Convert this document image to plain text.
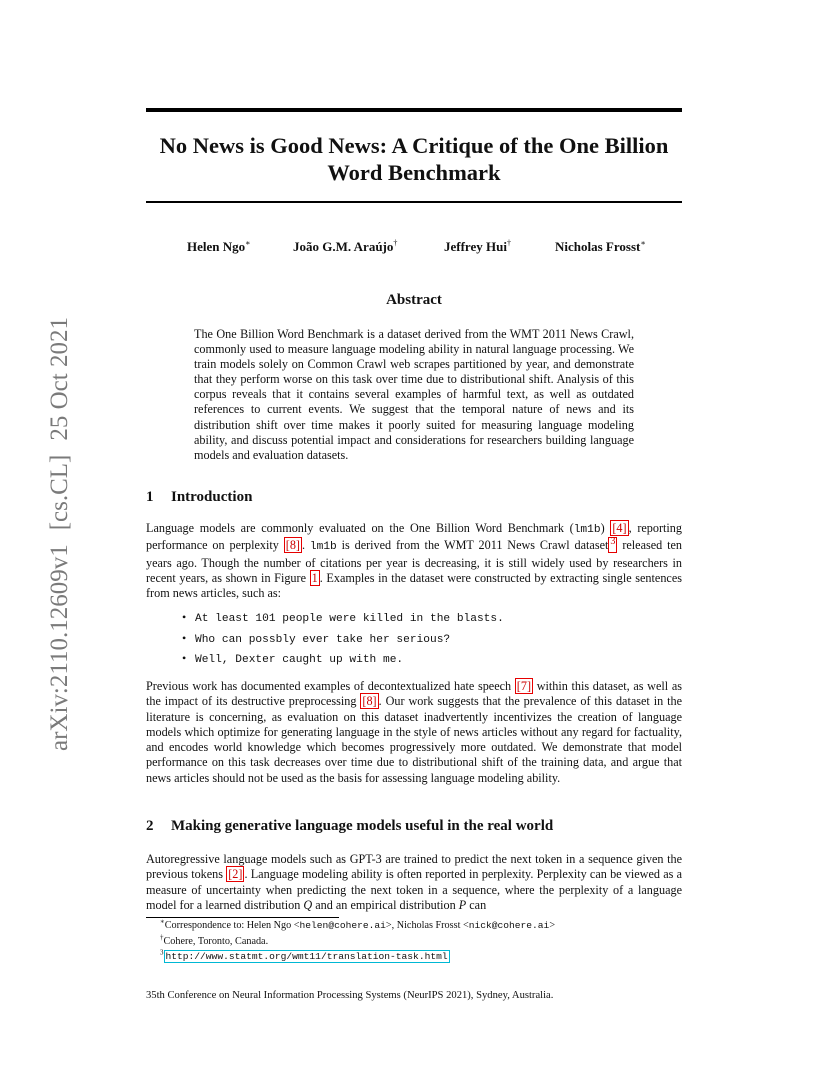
arXiv:2110.12609v1[cs.CL]25 Oct 2021
No News is Good News: A Critique of the One Billion
Word Benchmark
Helen Ngo∗	João G.M. Araújo†	Jeffrey Hui†	Nicholas Frosst∗
Abstract
The One Billion Word Benchmark is a dataset derived from the WMT 2011 News Crawl, commonly used to measure language modeling ability in natural language processing. We train models solely on Common Crawl web scrapes partitioned by year, and demonstrate that they perform worse on this task over time due to distributional shift. Analysis of this corpus reveals that it contains several examples of harmful text, as well as outdated references to current events. We suggest that the temporal nature of news and its distribution shift over time makes it poorly suited for measuring language modeling ability, and discuss potential impact and considerations for researchers building language models and evaluation datasets.
1 Introduction

Language models are commonly evaluated on the One Billion Word Benchmark (lm1b) [4] , reporting performance on perplexity [8] . lm1b is derived from the WMT 2011 News Crawl dataset $^3$ released ten years ago. Though the number of citations per year is decreasing, it is still widely used by researchers in recent years, as shown in Figure 1 . Examples in the dataset were constructed by extracting single sentences from news articles, such as:

• At least 101 people were killed in the blasts.
• Who can possbly ever take her serious?
• Well, Dexter caught up with me.

Previous work has documented examples of decontextualized hate speech [7] within this dataset, as well as the impact of its destructive preprocessing [8] . Our work suggests that the prevalence of this dataset in the literature is concerning, as evaluation on this dataset inadvertently incentivizes the creation of language models which optimize for generating language in the style of news articles without any regard for factuality, and encodes world knowledge which becomes progressively more outdated. We demonstrate that model performance on this task decreases over time due to distributional shift of the training data, and argue that news articles should not be used as the basis for assessing language modeling ability.

2 Making generative language models useful in the real world

Autoregressive language models such as GPT-3 are trained to predict the next token in a sequence given the previous tokens [2] . Language modeling ability is often reported in perplexity. Perplexity can be viewed as a measure of uncertainty when predicting the next token in a sequence, where the perplexity of a language model for a learned distribution Q and an empirical distribution P can

∗Correspondence to: Helen Ngo <helen@cohere.ai>, Nicholas Frosst <nick@cohere.ai>
†Cohere, Toronto, Canada.
$^3$ http://www.statmt.org/wmt11/translation-task.html
35th Conference on Neural Information Processing Systems (NeurIPS 2021), Sydney, Australia.
